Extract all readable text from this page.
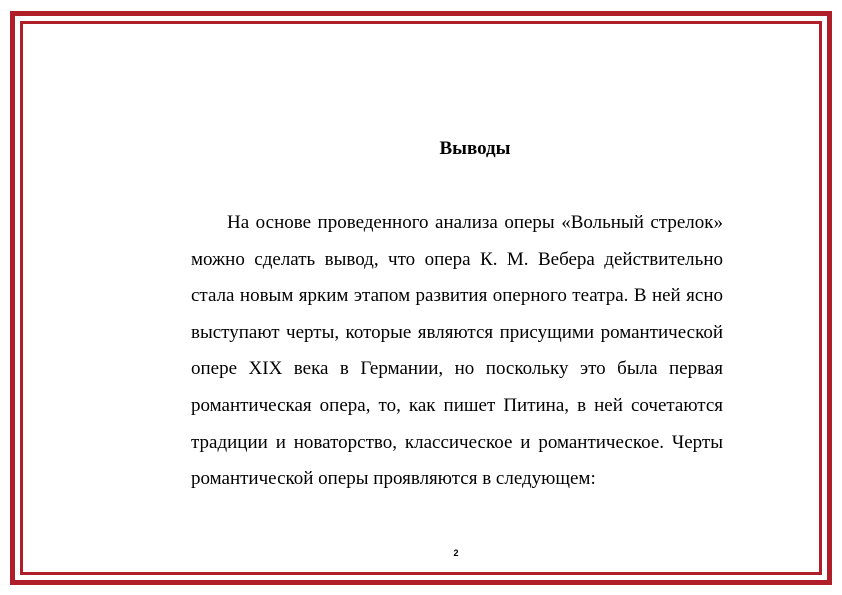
Выводы

На основе проведенного анализа оперы «Вольный стрелок» можно сделать вывод, что опера К. М. Вебера действительно стала новым ярким этапом развития оперного театра. В ней ясно выступают черты, которые являются присущими романтической опере XIX века в Германии, но поскольку это была первая романтическая опера, то, как пишет Питина, в ней сочетаются традиции и новаторство, классическое и романтическое. Черты романтической оперы проявляются в следующем:

2
